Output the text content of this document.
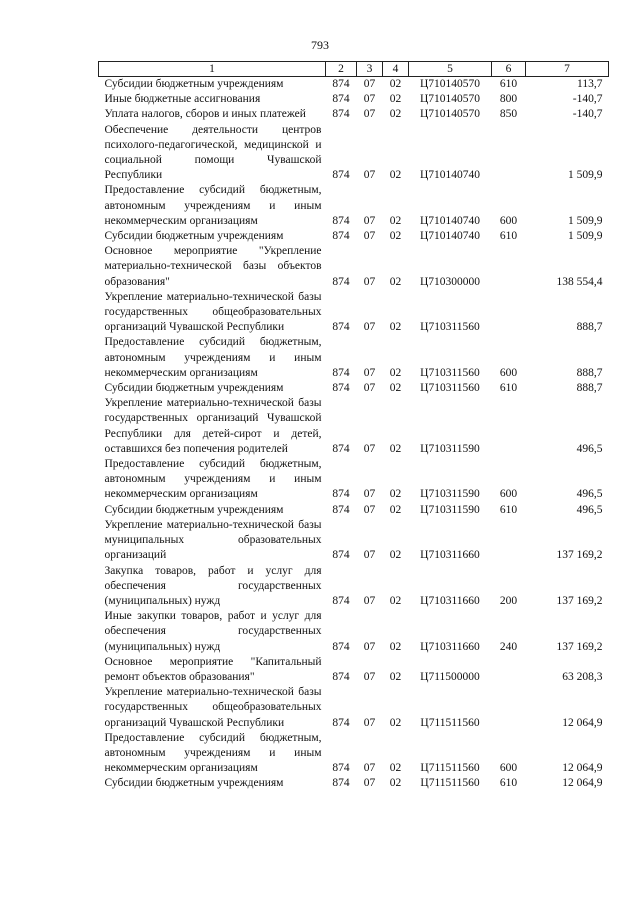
793
1	2	3	4	5	6	7
Субсидии бюджетным учреждениям	874	07	02	Ц710140570	610	113,7
Иные бюджетные ассигнования	874	07	02	Ц710140570	800	-140,7
Уплата налогов, сборов и иных платежей	874	07	02	Ц710140570	850	-140,7
Обеспечение деятельности центров психолого-педагогической, медицинской и социальной помощи Чувашской Республики	874	07	02	Ц710140740		1 509,9
Предоставление субсидий бюджетным, автономным учреждениям и иным некоммерческим организациям	874	07	02	Ц710140740	600	1 509,9
Субсидии бюджетным учреждениям	874	07	02	Ц710140740	610	1 509,9
Основное мероприятие "Укрепление материально-технической базы объектов образования"	874	07	02	Ц710300000		138 554,4
Укрепление материально-технической базы государственных общеобразовательных организаций Чувашской Республики	874	07	02	Ц710311560		888,7
Предоставление субсидий бюджетным, автономным учреждениям и иным некоммерческим организациям	874	07	02	Ц710311560	600	888,7
Субсидии бюджетным учреждениям	874	07	02	Ц710311560	610	888,7
Укрепление материально-технической базы государственных организаций Чувашской Республики для детей-сирот и детей, оставшихся без попечения родителей	874	07	02	Ц710311590		496,5
Предоставление субсидий бюджетным, автономным учреждениям и иным некоммерческим организациям	874	07	02	Ц710311590	600	496,5
Субсидии бюджетным учреждениям	874	07	02	Ц710311590	610	496,5
Укрепление материально-технической базы муниципальных образовательных организаций	874	07	02	Ц710311660		137 169,2
Закупка товаров, работ и услуг для обеспечения государственных (муниципальных) нужд	874	07	02	Ц710311660	200	137 169,2
Иные закупки товаров, работ и услуг для обеспечения государственных (муниципальных) нужд	874	07	02	Ц710311660	240	137 169,2
Основное мероприятие "Капитальный ремонт объектов образования"	874	07	02	Ц711500000		63 208,3
Укрепление материально-технической базы государственных общеобразовательных организаций Чувашской Республики	874	07	02	Ц711511560		12 064,9
Предоставление субсидий бюджетным, автономным учреждениям и иным некоммерческим организациям	874	07	02	Ц711511560	600	12 064,9
Субсидии бюджетным учреждениям	874	07	02	Ц711511560	610	12 064,9
